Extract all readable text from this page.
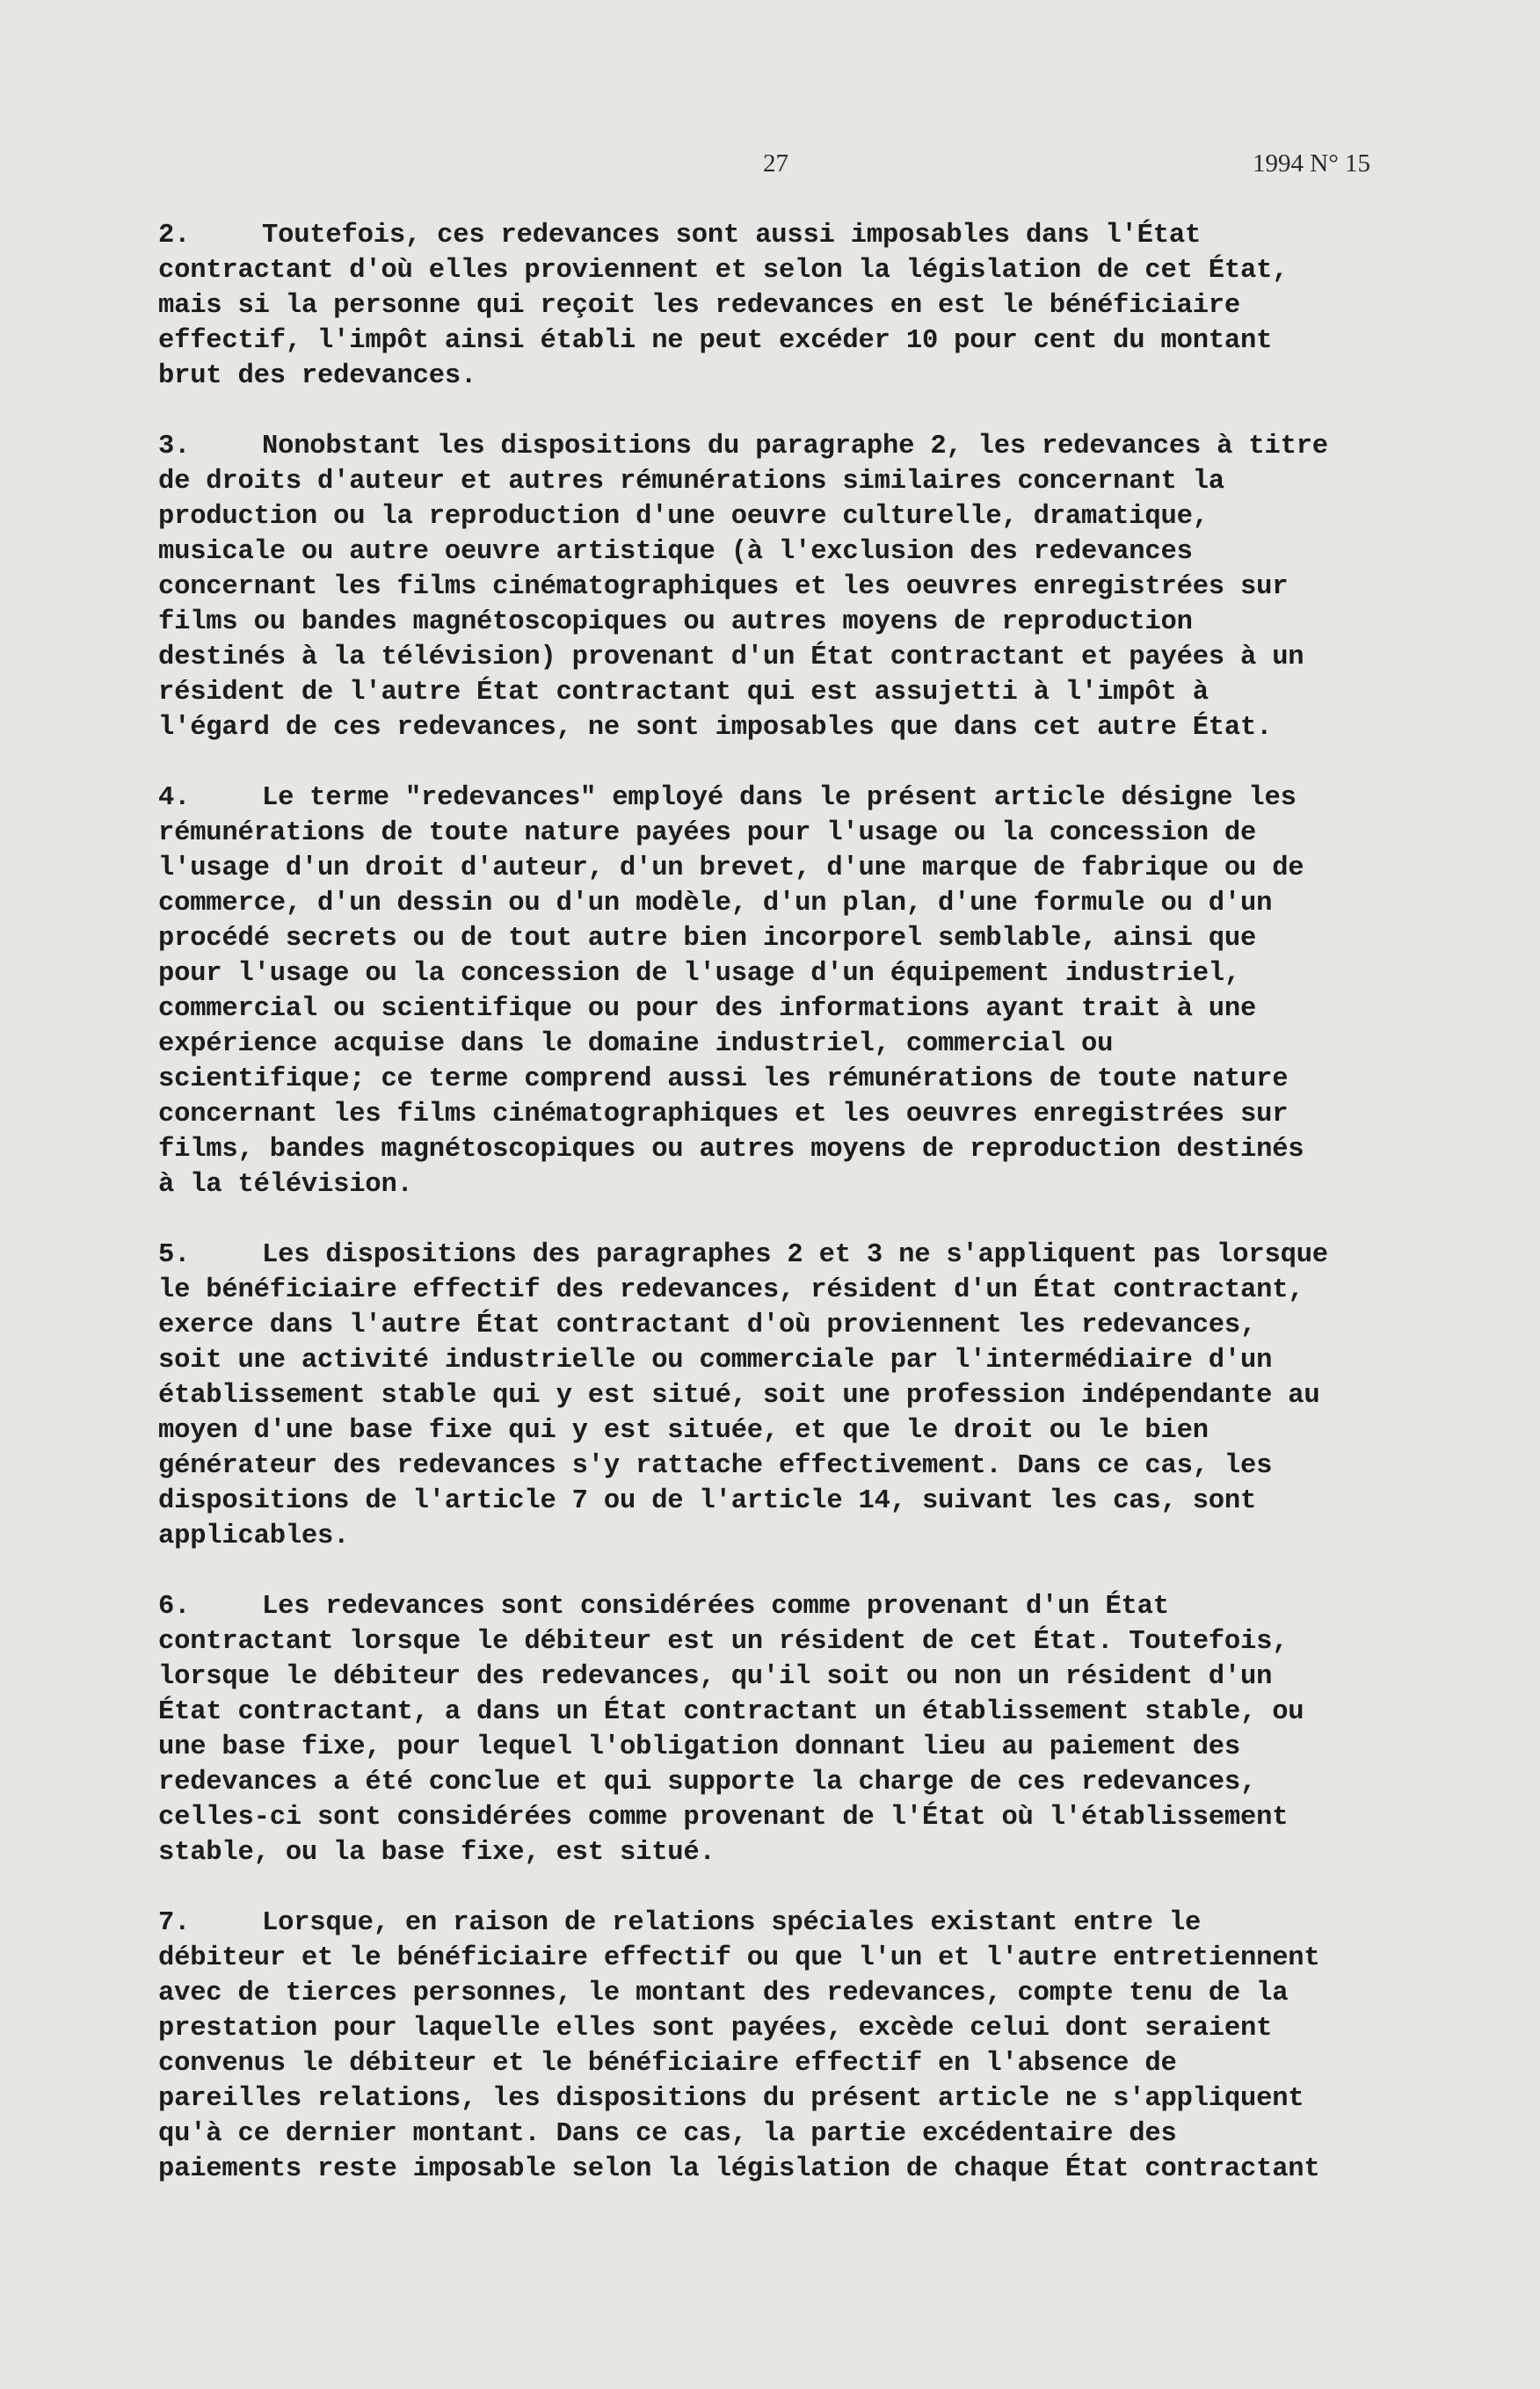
27	1994 N° 15

2.	Toutefois, ces redevances sont aussi imposables dans l'État
contractant d'où elles proviennent et selon la législation de cet État,
mais si la personne qui reçoit les redevances en est le bénéficiaire
effectif, l'impôt ainsi établi ne peut excéder 10 pour cent du montant
brut des redevances.

3.	Nonobstant les dispositions du paragraphe 2, les redevances à titre
de droits d'auteur et autres rémunérations similaires concernant la
production ou la reproduction d'une oeuvre culturelle, dramatique,
musicale ou autre oeuvre artistique (à l'exclusion des redevances
concernant les films cinématographiques et les oeuvres enregistrées sur
films ou bandes magnétoscopiques ou autres moyens de reproduction
destinés à la télévision) provenant d'un État contractant et payées à un
résident de l'autre État contractant qui est assujetti à l'impôt à
l'égard de ces redevances, ne sont imposables que dans cet autre État.

4.	Le terme "redevances" employé dans le présent article désigne les
rémunérations de toute nature payées pour l'usage ou la concession de
l'usage d'un droit d'auteur, d'un brevet, d'une marque de fabrique ou de
commerce, d'un dessin ou d'un modèle, d'un plan, d'une formule ou d'un
procédé secrets ou de tout autre bien incorporel semblable, ainsi que
pour l'usage ou la concession de l'usage d'un équipement industriel,
commercial ou scientifique ou pour des informations ayant trait à une
expérience acquise dans le domaine industriel, commercial ou
scientifique; ce terme comprend aussi les rémunérations de toute nature
concernant les films cinématographiques et les oeuvres enregistrées sur
films, bandes magnétoscopiques ou autres moyens de reproduction destinés
à la télévision.

5.	Les dispositions des paragraphes 2 et 3 ne s'appliquent pas lorsque
le bénéficiaire effectif des redevances, résident d'un État contractant,
exerce dans l'autre État contractant d'où proviennent les redevances,
soit une activité industrielle ou commerciale par l'intermédiaire d'un
établissement stable qui y est situé, soit une profession indépendante au
moyen d'une base fixe qui y est située, et que le droit ou le bien
générateur des redevances s'y rattache effectivement. Dans ce cas, les
dispositions de l'article 7 ou de l'article 14, suivant les cas, sont
applicables.

6.	Les redevances sont considérées comme provenant d'un État
contractant lorsque le débiteur est un résident de cet État. Toutefois,
lorsque le débiteur des redevances, qu'il soit ou non un résident d'un
État contractant, a dans un État contractant un établissement stable, ou
une base fixe, pour lequel l'obligation donnant lieu au paiement des
redevances a été conclue et qui supporte la charge de ces redevances,
celles-ci sont considérées comme provenant de l'État où l'établissement
stable, ou la base fixe, est situé.

7.	Lorsque, en raison de relations spéciales existant entre le
débiteur et le bénéficiaire effectif ou que l'un et l'autre entretiennent
avec de tierces personnes, le montant des redevances, compte tenu de la
prestation pour laquelle elles sont payées, excède celui dont seraient
convenus le débiteur et le bénéficiaire effectif en l'absence de
pareilles relations, les dispositions du présent article ne s'appliquent
qu'à ce dernier montant. Dans ce cas, la partie excédentaire des
paiements reste imposable selon la législation de chaque État contractant
